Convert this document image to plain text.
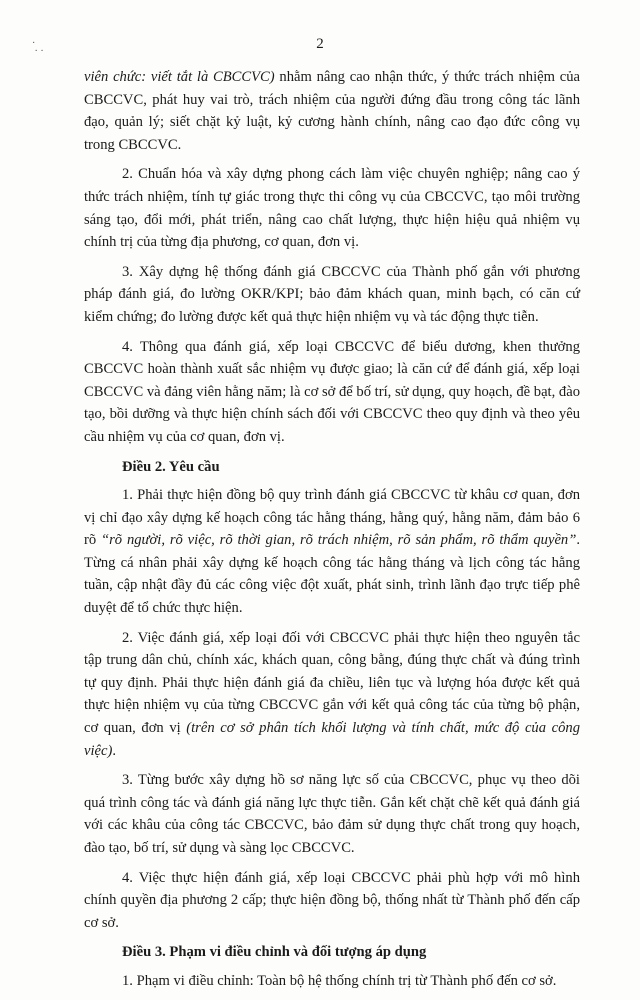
2
·
· ·

viên chức: viết tắt là CBCCVC) nhằm nâng cao nhận thức, ý thức trách nhiệm của CBCCVC, phát huy vai trò, trách nhiệm của người đứng đầu trong công tác lãnh đạo, quản lý; siết chặt kỷ luật, kỷ cương hành chính, nâng cao đạo đức công vụ trong CBCCVC.

2. Chuẩn hóa và xây dựng phong cách làm việc chuyên nghiệp; nâng cao ý thức trách nhiệm, tính tự giác trong thực thi công vụ của CBCCVC, tạo môi trường sáng tạo, đổi mới, phát triển, nâng cao chất lượng, thực hiện hiệu quả nhiệm vụ chính trị của từng địa phương, cơ quan, đơn vị.

3. Xây dựng hệ thống đánh giá CBCCVC của Thành phố gắn với phương pháp đánh giá, đo lường OKR/KPI; bảo đảm khách quan, minh bạch, có căn cứ kiểm chứng; đo lường được kết quả thực hiện nhiệm vụ và tác động thực tiễn.

4. Thông qua đánh giá, xếp loại CBCCVC để biểu dương, khen thưởng CBCCVC hoàn thành xuất sắc nhiệm vụ được giao; là căn cứ để đánh giá, xếp loại CBCCVC và đảng viên hằng năm; là cơ sở để bố trí, sử dụng, quy hoạch, đề bạt, đào tạo, bồi dưỡng và thực hiện chính sách đối với CBCCVC theo quy định và theo yêu cầu nhiệm vụ của cơ quan, đơn vị.

Điều 2. Yêu cầu

1. Phải thực hiện đồng bộ quy trình đánh giá CBCCVC từ khâu cơ quan, đơn vị chỉ đạo xây dựng kế hoạch công tác hằng tháng, hằng quý, hằng năm, đảm bảo 6 rõ “rõ người, rõ việc, rõ thời gian, rõ trách nhiệm, rõ sản phẩm, rõ thẩm quyền”. Từng cá nhân phải xây dựng kế hoạch công tác hằng tháng và lịch công tác hằng tuần, cập nhật đầy đủ các công việc đột xuất, phát sinh, trình lãnh đạo trực tiếp phê duyệt để tổ chức thực hiện.

2. Việc đánh giá, xếp loại đối với CBCCVC phải thực hiện theo nguyên tắc tập trung dân chủ, chính xác, khách quan, công bằng, đúng thực chất và đúng trình tự quy định. Phải thực hiện đánh giá đa chiều, liên tục và lượng hóa được kết quả thực hiện nhiệm vụ của từng CBCCVC gắn với kết quả công tác của từng bộ phận, cơ quan, đơn vị (trên cơ sở phân tích khối lượng và tính chất, mức độ của công việc).

3. Từng bước xây dựng hồ sơ năng lực số của CBCCVC, phục vụ theo dõi quá trình công tác và đánh giá năng lực thực tiễn. Gắn kết chặt chẽ kết quả đánh giá với các khâu của công tác CBCCVC, bảo đảm sử dụng thực chất trong quy hoạch, đào tạo, bố trí, sử dụng và sàng lọc CBCCVC.

4. Việc thực hiện đánh giá, xếp loại CBCCVC phải phù hợp với mô hình chính quyền địa phương 2 cấp; thực hiện đồng bộ, thống nhất từ Thành phố đến cấp cơ sở.

Điều 3. Phạm vi điều chỉnh và đối tượng áp dụng

1. Phạm vi điều chỉnh: Toàn bộ hệ thống chính trị từ Thành phố đến cơ sở.
